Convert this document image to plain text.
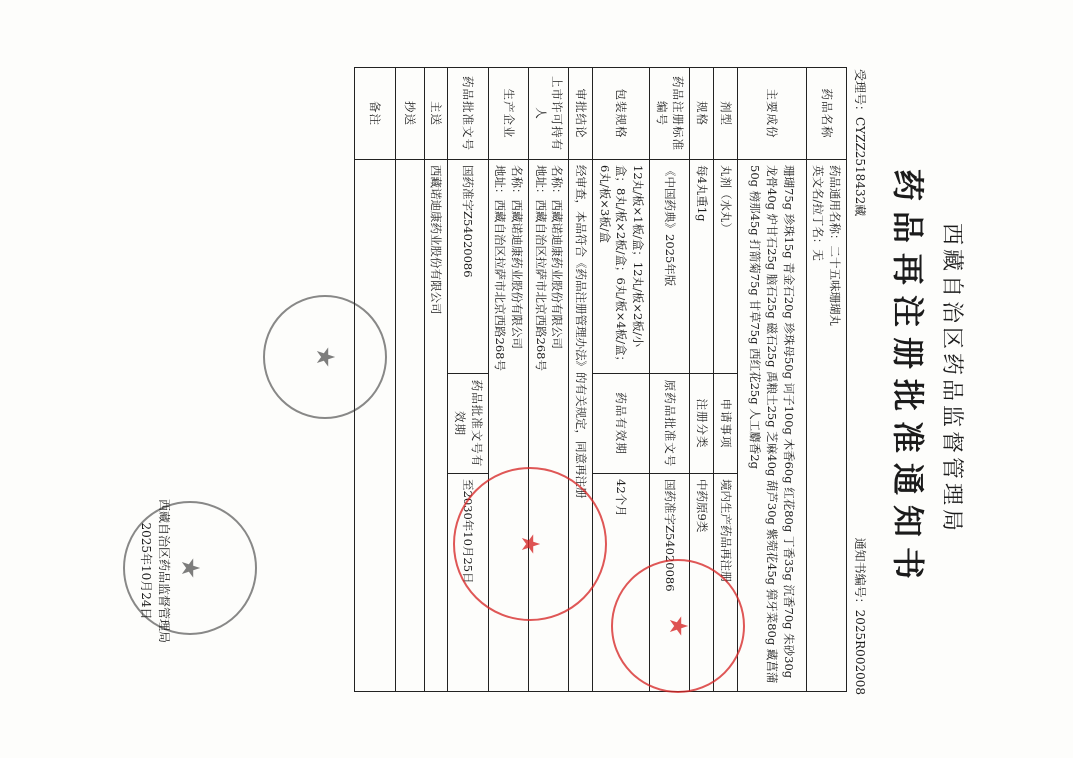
西藏自治区药品监督管理局
药品再注册批准通知书
受理号：CYZZ2518432藏
通知书编号：2025R002008
药品名称	药品通用名称：二十五味珊瑚丸
英文名/拉丁名：无		

主要成份	珊瑚75g 珍珠15g 青金石20g 珍珠母50g 诃子100g 木香60g 红花80g 丁香35g 沉香70g 朱砂30g 龙骨40g 炉甘石25g 脑石25g 磁石25g 禹粮土25g 芝麻40g 葫芦30g 紫菀花45g 獐牙菜80g 藏菖蒲50g 榜那45g 打箭菊75g 甘草75g 西红花25g 人工麝香2g		
剂型	丸剂（水丸）	申请事项	境内生产药品再注册
规格	每4丸重1g	注册分类	中药原9类
药品注册标准编号	《中国药典》2025年版	原药品批准文号	国药准字Z54020086
包装规格	12丸/板×1板/盒；12丸/板×2板/小盒；8丸/板×2板/盒；6丸/板×4板/盒；6丸/板×3板/盒	药品有效期	42个月
审批结论	经审查，本品符合《药品注册管理办法》的有关规定，同意再注册		
上市许可持有人	名称：西藏诺迪康药业股份有限公司
地址：西藏自治区拉萨市北京西路268号		

生产企业	名称：西藏诺迪康药业股份有限公司
地址：西藏自治区拉萨市北京西路268号		

药品批准文号	国药准字Z54020086	药品批准文号有效期	至2030年10月25日
主送	西藏诺迪康药业股份有限公司		
抄送			
备注			
★
西藏自治区药品监督管理局
2025年10月24日	★
★
★
